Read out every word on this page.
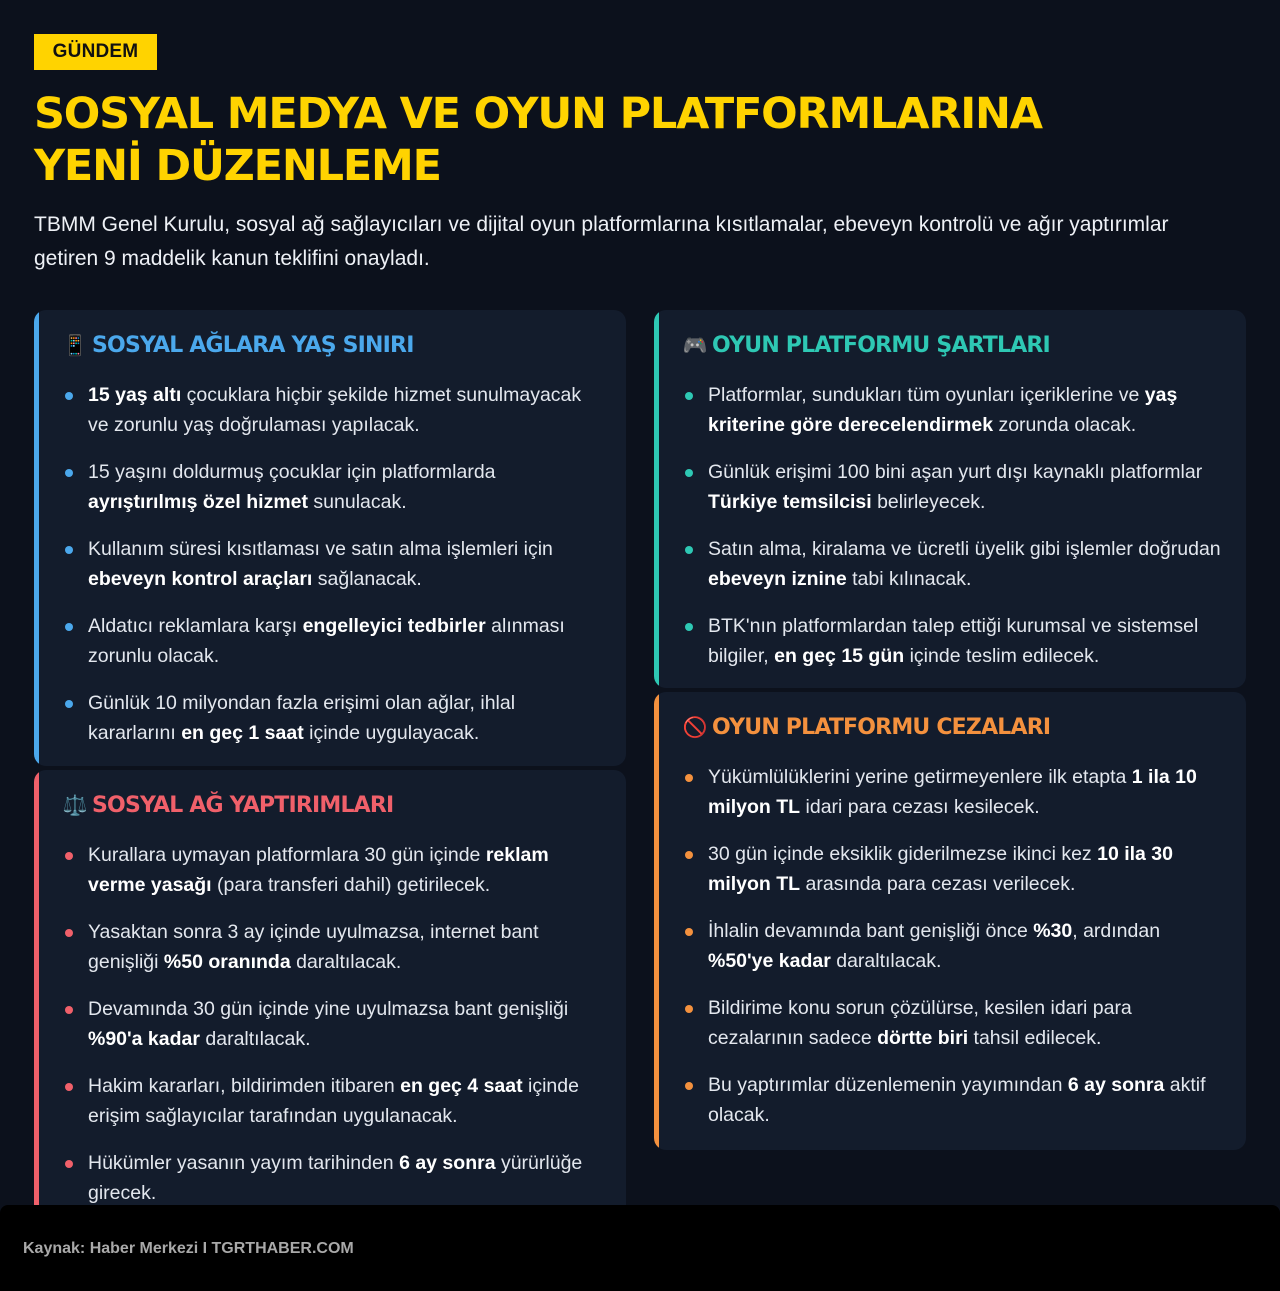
GÜNDEM
SOSYAL MEDYA VE OYUN PLATFORMLARINA YENİ DÜZENLEME

TBMM Genel Kurulu, sosyal ağ sağlayıcıları ve dijital oyun platformlarına kısıtlamalar, ebeveyn kontrolü ve ağır yaptırımlar getiren 9 maddelik kanun teklifini onayladı.

📱 SOSYAL AĞLARA YAŞ SINIRI
15 yaş altı çocuklara hiçbir şekilde hizmet sunulmayacak ve zorunlu yaş doğrulaması yapılacak.
15 yaşını doldurmuş çocuklar için platformlarda ayrıştırılmış özel hizmet sunulacak.
Kullanım süresi kısıtlaması ve satın alma işlemleri için ebeveyn kontrol araçları sağlanacak.
Aldatıcı reklamlara karşı engelleyici tedbirler alınması zorunlu olacak.
Günlük 10 milyondan fazla erişimi olan ağlar, ihlal kararlarını en geç 1 saat içinde uygulayacak.
⚖️ SOSYAL AĞ YAPTIRIMLARI
Kurallara uymayan platformlara 30 gün içinde reklam verme yasağı (para transferi dahil) getirilecek.
Yasaktan sonra 3 ay içinde uyulmazsa, internet bant genişliği %50 oranında daraltılacak.
Devamında 30 gün içinde yine uyulmazsa bant genişliği %90'a kadar daraltılacak.
Hakim kararları, bildirimden itibaren en geç 4 saat içinde erişim sağlayıcılar tarafından uygulanacak.
Hükümler yasanın yayım tarihinden 6 ay sonra yürürlüğe girecek.
🎮 OYUN PLATFORMU ŞARTLARI
Platformlar, sundukları tüm oyunları içeriklerine ve yaş kriterine göre derecelendirmek zorunda olacak.
Günlük erişimi 100 bini aşan yurt dışı kaynaklı platformlar Türkiye temsilcisi belirleyecek.
Satın alma, kiralama ve ücretli üyelik gibi işlemler doğrudan ebeveyn iznine tabi kılınacak.
BTK'nın platformlardan talep ettiği kurumsal ve sistemsel bilgiler, en geç 15 gün içinde teslim edilecek.
🚫 OYUN PLATFORMU CEZALARI
Yükümlülüklerini yerine getirmeyenlere ilk etapta 1 ila 10 milyon TL idari para cezası kesilecek.
30 gün içinde eksiklik giderilmezse ikinci kez 10 ila 30 milyon TL arasında para cezası verilecek.
İhlalin devamında bant genişliği önce %30, ardından %50'ye kadar daraltılacak.
Bildirime konu sorun çözülürse, kesilen idari para cezalarının sadece dörtte biri tahsil edilecek.
Bu yaptırımlar düzenlemenin yayımından 6 ay sonra aktif olacak.
Kaynak: Haber Merkezi I TGRTHABER.COM
